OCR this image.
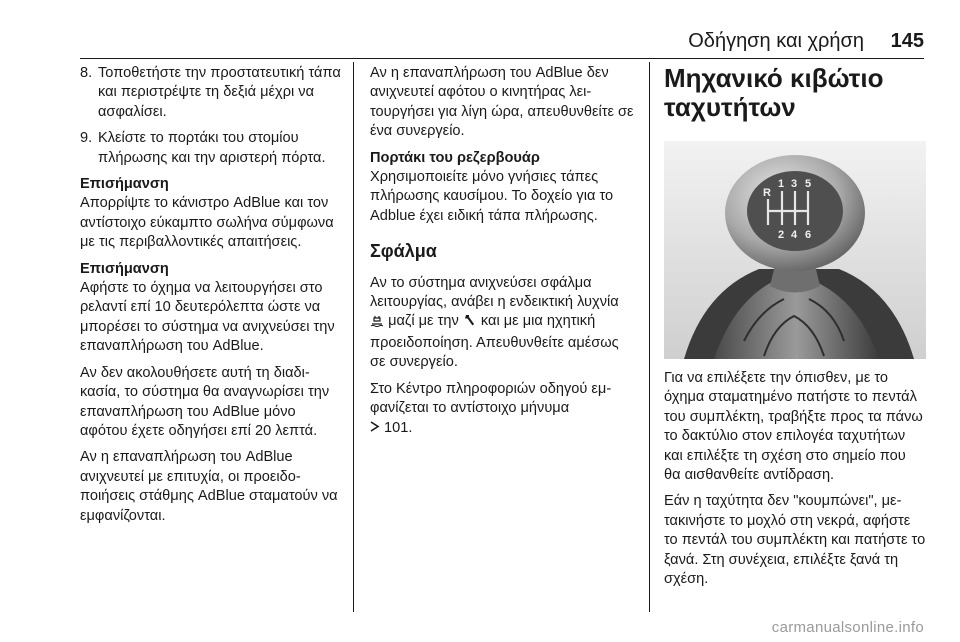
Οδήγηση και χρήση 145
8. Τοποθετήστε την προστατευτική τάπα και περιστρέψτε τη δεξιά μέχρι να ασφαλίσει.
9. Κλείστε το πορτάκι του στομίου πλήρωσης και την αριστερή πόρτα.

Επισήμανση

Απορρίψτε το κάνιστρο AdBlue και τον αντίστοιχο εύκαμπτο σωλήνα σύμφωνα με τις περιβαλλοντικές απαιτήσεις.

Επισήμανση

Αφήστε το όχημα να λειτουργήσει στο ρελαντί επί 10 δευτερόλεπτα ώστε να μπορέσει το σύστημα να ανιχνεύσει την επαναπλήρωση του AdBlue.

Αν δεν ακολουθήσετε αυτή τη διαδικασία, το σύστημα θα αναγνωρίσει την επαναπλήρωση του AdBlue μόνο αφότου έχετε οδηγήσει επί 20 λεπτά.

Αν η επαναπλήρωση του AdBlue ανιχνευτεί με επιτυχία, οι προειδοποιήσεις στάθμης AdBlue σταματούν να εμφανίζονται.

Αν η επαναπλήρωση του AdBlue δεν ανιχνευτεί αφότου ο κινητήρας λειτουργήσει για λίγη ώρα, απευθυνθείτε σε ένα συνεργείο.

Πορτάκι του ρεζερβουάρ

Χρησιμοποιείτε μόνο γνήσιες τάπες πλήρωσης καυσίμου. Το δοχείο για το Adblue έχει ειδική τάπα πλήρωσης.

Σφάλμα

Αν το σύστημα ανιχνεύσει σφάλμα λειτουργίας, ανάβει η ενδεικτική λυχνία  μαζί με την και με μια ηχητική προειδοποίηση. Απευθυνθείτε αμέσως σε συνεργείο.

Στο Κέντρο πληροφοριών οδηγού εμφανίζεται το αντίστοιχο μήνυμα
101.

Μηχανικό κιβώτιο ταχυτήτων
R
1 3 5
2 4 6

Για να επιλέξετε την όπισθεν, με το όχημα σταματημένο πατήστε το πεντάλ του συμπλέκτη, τραβήξτε προς τα πάνω το δακτύλιο στον επιλογέα ταχυτήτων και επιλέξτε τη σχέση στο σημείο που θα αισθανθείτε αντίδραση.

Εάν η ταχύτητα δεν "κουμπώνει", μετακινήστε το μοχλό στη νεκρά, αφήστε το πεντάλ του συμπλέκτη και πατήστε το ξανά. Στη συνέχεια, επιλέξτε ξανά τη σχέση.

carmanualsonline.info
